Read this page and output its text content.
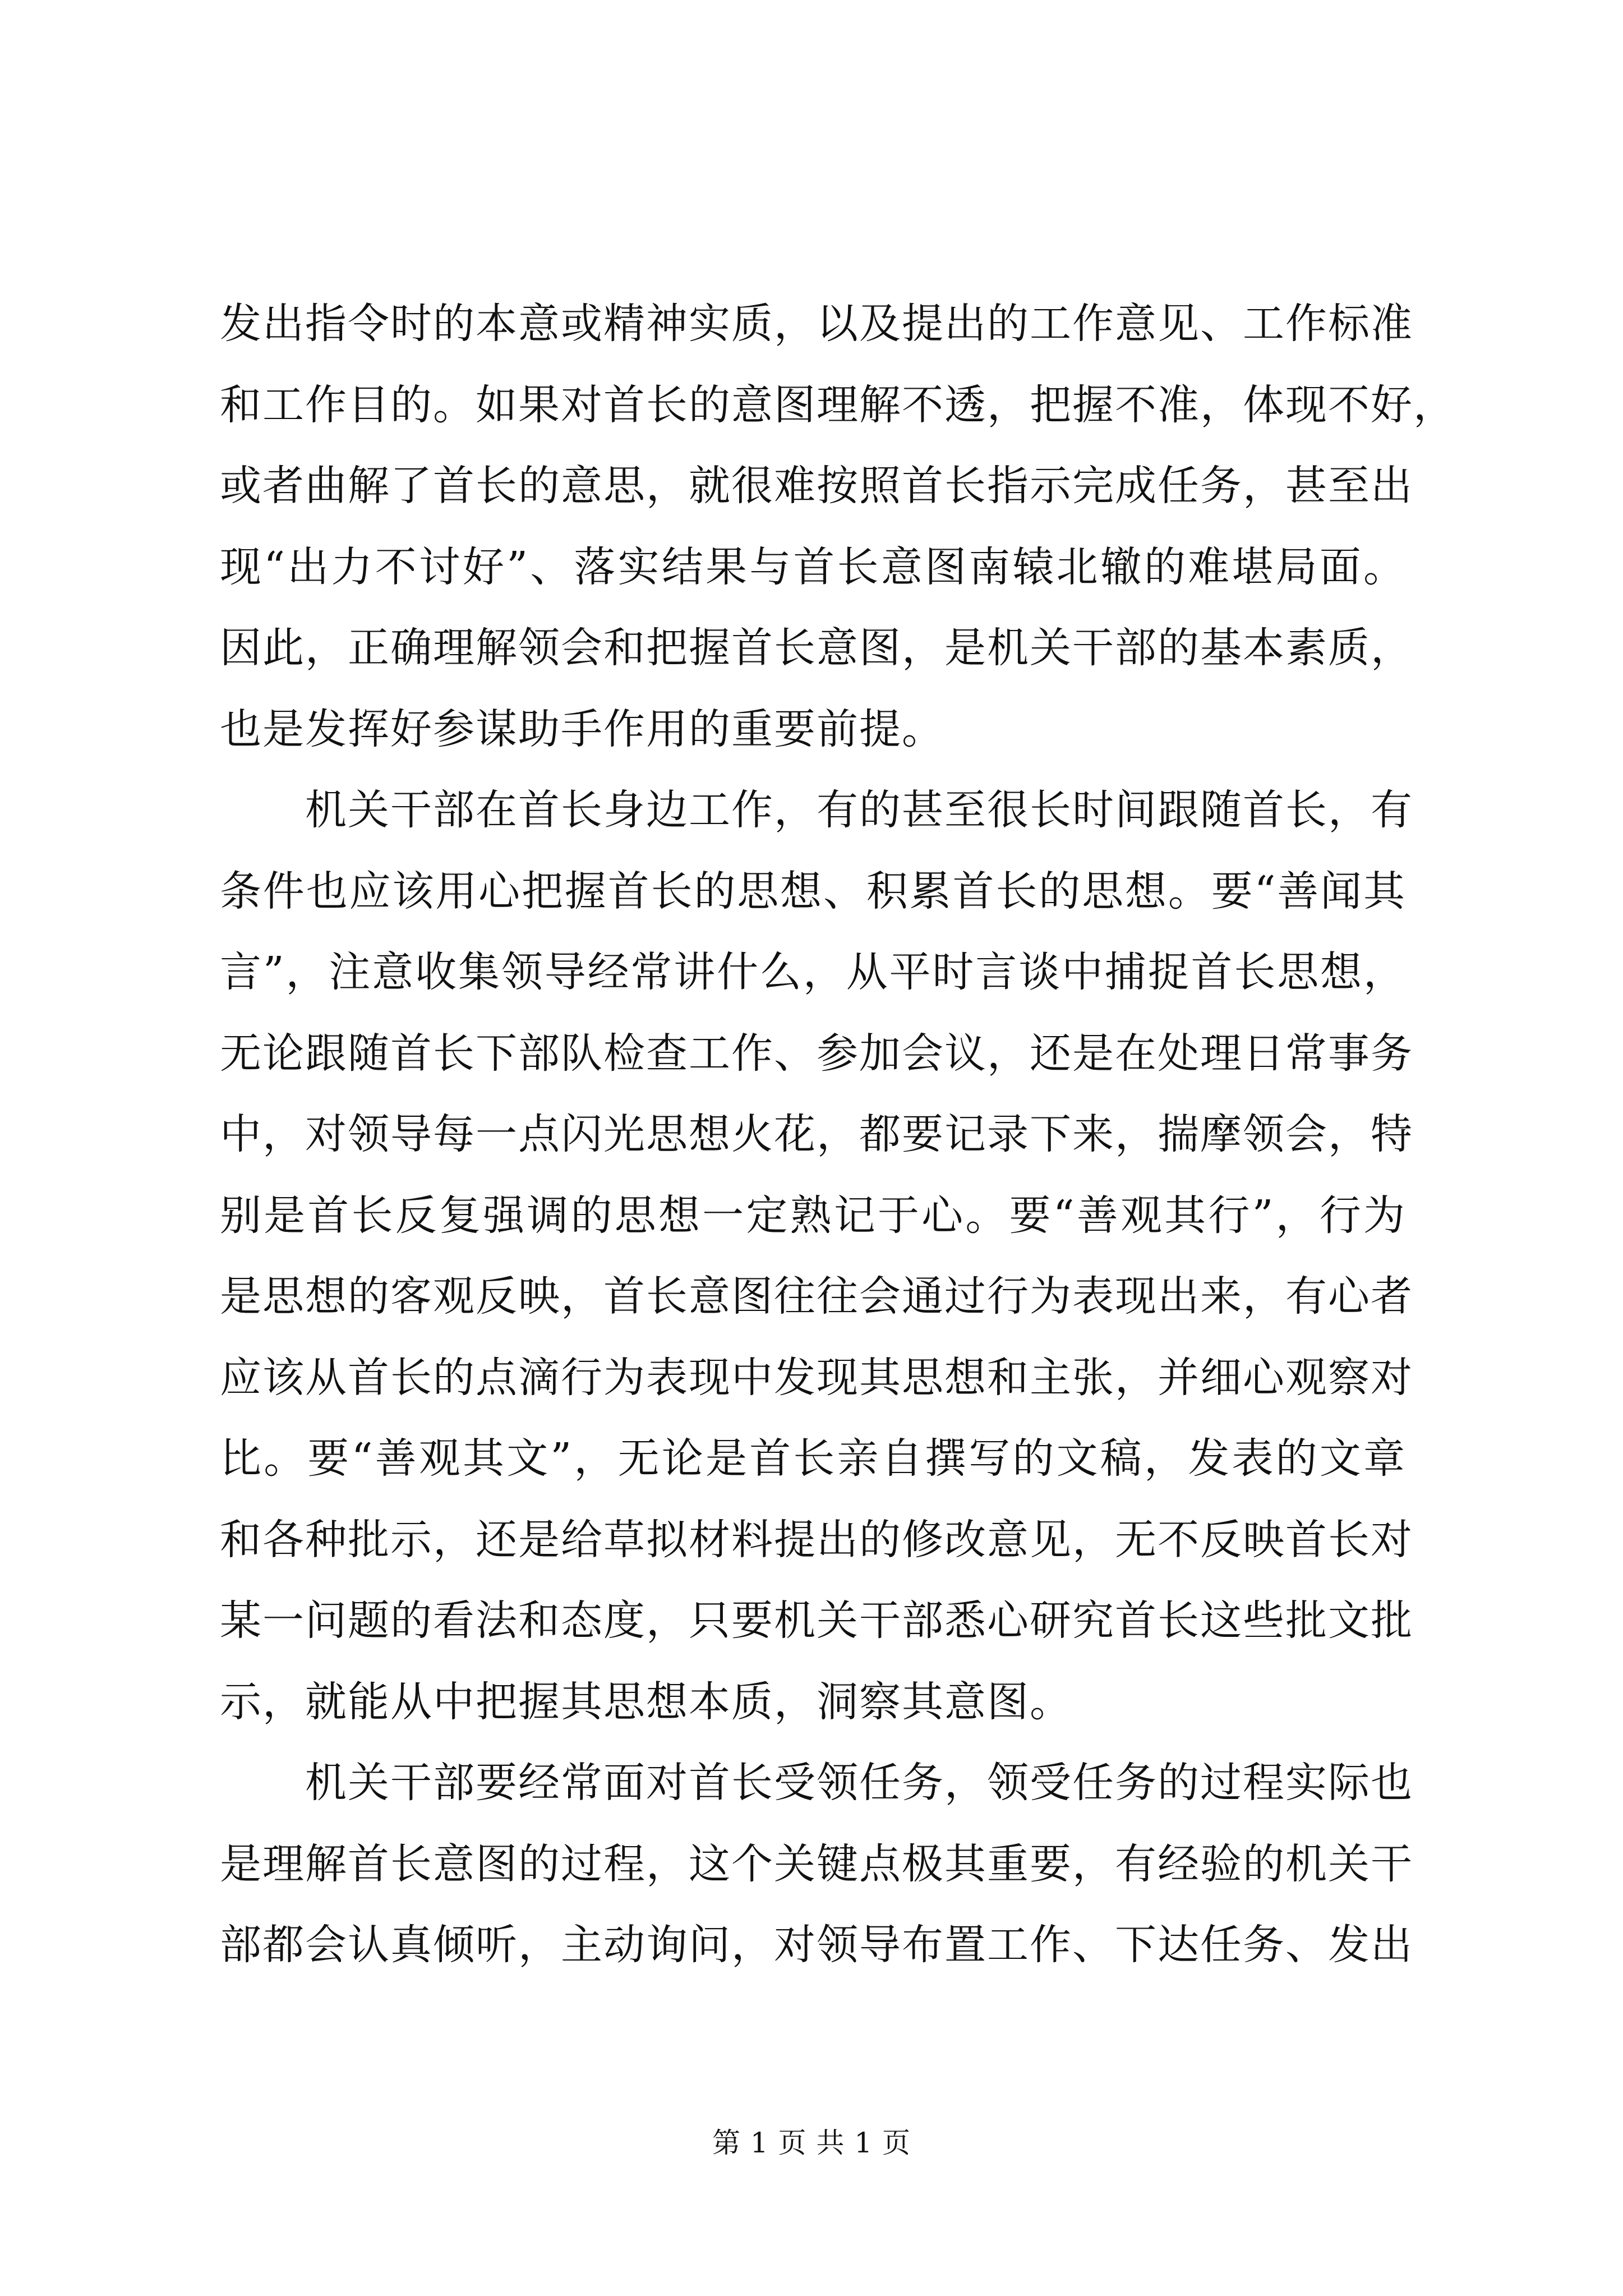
发出指令时的本意或精神实质，以及提出的工作意见、工作标准
和工作目的。如果对首长的意图理解不透，把握不准，体现不好，
或者曲解了首长的意思，就很难按照首长指示完成任务，甚至出
现“出力不讨好”、落实结果与首长意图南辕北辙的难堪局面。
因此，正确理解领会和把握首长意图，是机关干部的基本素质，
也是发挥好参谋助手作用的重要前提。
机关干部在首长身边工作，有的甚至很长时间跟随首长，有
条件也应该用心把握首长的思想、积累首长的思想。要“善闻其
言”，注意收集领导经常讲什么，从平时言谈中捕捉首长思想，
无论跟随首长下部队检查工作、参加会议，还是在处理日常事务
中，对领导每一点闪光思想火花，都要记录下来，揣摩领会，特
别是首长反复强调的思想一定熟记于心。要“善观其行”，行为
是思想的客观反映，首长意图往往会通过行为表现出来，有心者
应该从首长的点滴行为表现中发现其思想和主张，并细心观察对
比。要“善观其文”，无论是首长亲自撰写的文稿，发表的文章
和各种批示，还是给草拟材料提出的修改意见，无不反映首长对
某一问题的看法和态度，只要机关干部悉心研究首长这些批文批
示，就能从中把握其思想本质，洞察其意图。
机关干部要经常面对首长受领任务，领受任务的过程实际也
是理解首长意图的过程，这个关键点极其重要，有经验的机关干
部都会认真倾听，主动询问，对领导布置工作、下达任务、发出
第 1 页 共 1 页
